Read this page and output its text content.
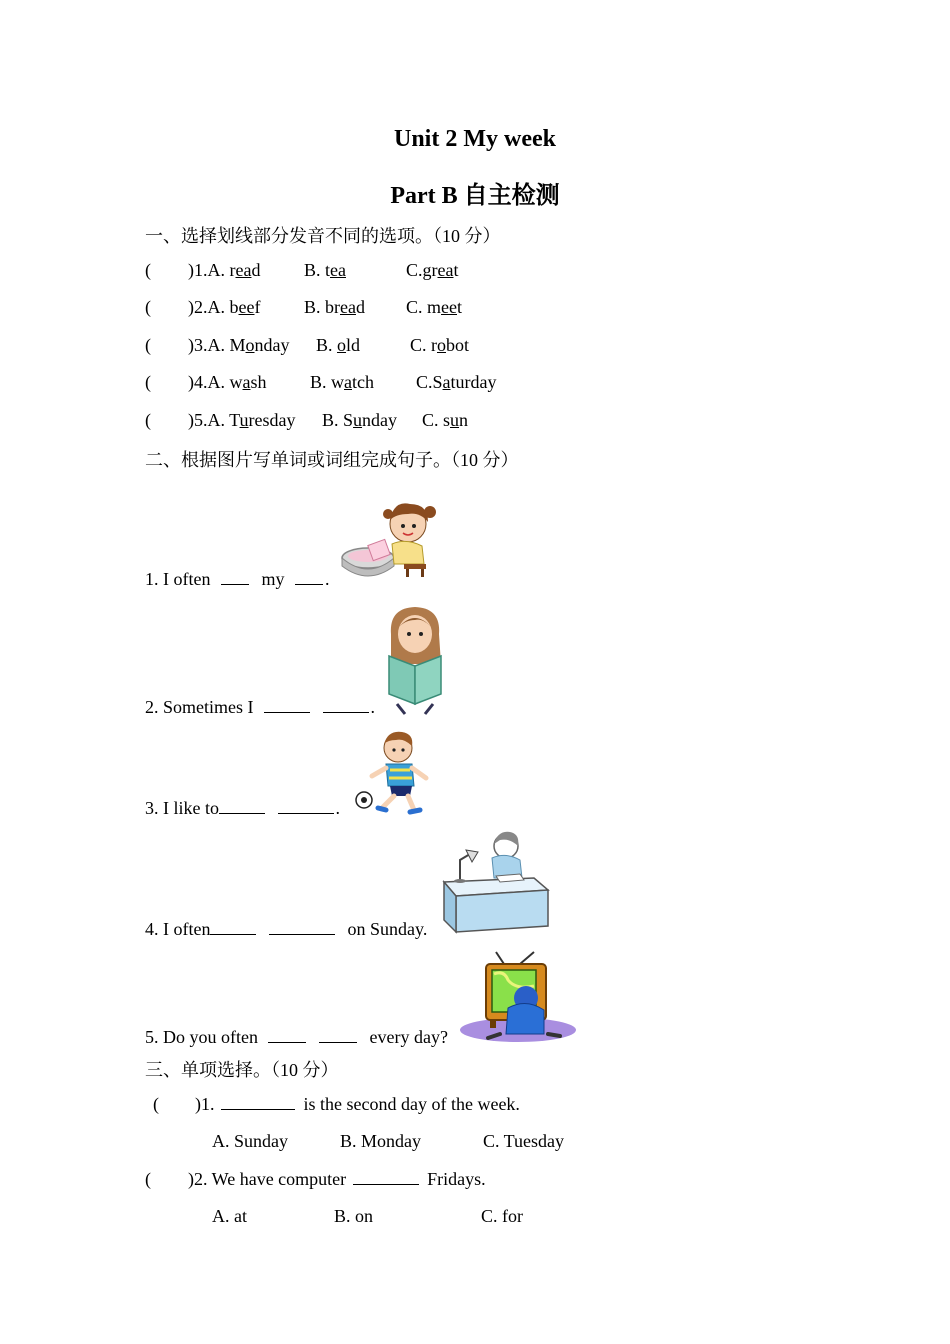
Unit 2 My week
Part B 自主检测
一、选择划线部分发音不同的选项。（10 分）
( )1.A. read B. tea	C.great
( )2.A. beef B. bread C. meet
( )3.A. Monday B. old	C. robot
( )4.A. wash B. watch C.Saturday
( )5.A. Turesday B. Sunday C. sun
二、根据图片写单词或词组完成句子。（10 分）
1. I often	my .
2. Sometimes I	.
3. I like to	.
4. I often	on Sunday.
5. Do you often	every day?
三、单项选择。（10 分）
( )1.	is the second day of the week.
A. Sunday	B. Monday	C. Tuesday
( )2. We have computer	Fridays.
A. at	B. on	C. for
